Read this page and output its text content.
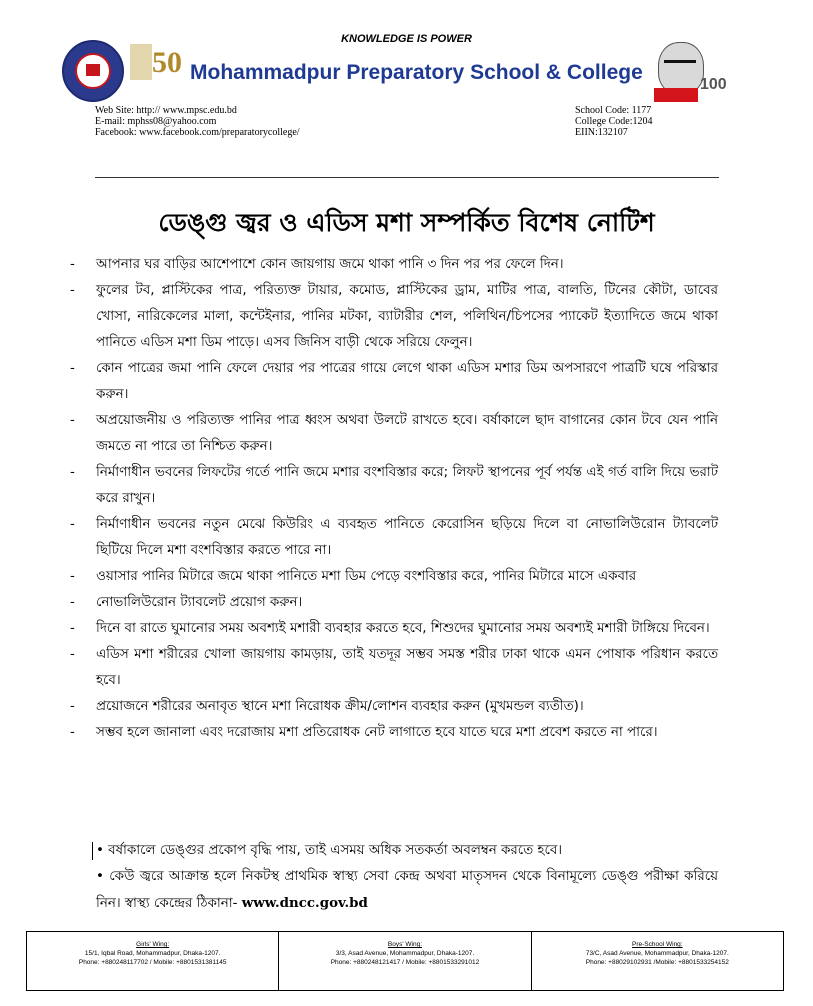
KNOWLEDGE IS POWER
50 Mohammadpur Preparatory School & College
100
Web Site: http:// www.mpsc.edu.bd
E-mail: mphss08@yahoo.com
Facebook: www.facebook.com/preparatorycollege/
School Code: 1177
College Code:1204
EIIN:132107
ডেঙ্গু জ্বর ও এডিস মশা সম্পর্কিত বিশেষ নোটিশ
- আপনার ঘর বাড়ির আশেপাশে কোন জায়গায় জমে থাকা পানি ৩ দিন পর পর ফেলে দিন।
- ফুলের টব, প্লাস্টিকের পাত্র, পরিত্যক্ত টায়ার, কমোড, প্লাস্টিকের ড্রাম, মাটির পাত্র, বালতি, টিনের কৌটা, ডাবের খোসা, নারিকেলের মালা, কন্টেইনার, পানির মটকা, ব্যাটারীর শেল, পলিথিন/চিপসের প্যাকেট ইত্যাদিতে জমে থাকা পানিতে এডিস মশা ডিম পাড়ে। এসব জিনিস বাড়ী থেকে সরিয়ে ফেলুন।
- কোন পাত্রের জমা পানি ফেলে দেয়ার পর পাত্রের গায়ে লেগে থাকা এডিস মশার ডিম অপসারণে পাত্রটি ঘষে পরিস্কার করুন।
- অপ্রয়োজনীয় ও পরিত্যক্ত পানির পাত্র ধ্বংস অথবা উলটে রাখতে হবে। বর্ষাকালে ছাদ বাগানের কোন টবে যেন পানি জমতে না পারে তা নিশ্চিত করুন।
- নির্মাণাধীন ভবনের লিফটের গর্তে পানি জমে মশার বংশবিস্তার করে; লিফট স্থাপনের পূর্ব পর্যন্ত এই গর্ত বালি দিয়ে ভরাট করে রাখুন।
- নির্মাণাধীন ভবনের নতুন মেঝে কিউরিং এ ব্যবহৃত পানিতে কেরোসিন ছড়িয়ে দিলে বা নোভালিউরোন ট্যাবলেট ছিটিয়ে দিলে মশা বংশবিস্তার করতে পারে না।
- ওয়াসার পানির মিটারে জমে থাকা পানিতে মশা ডিম পেড়ে বংশবিস্তার করে, পানির মিটারে মাসে একবার
- নোভালিউরোন ট্যাবলেট প্রয়োগ করুন।
- দিনে বা রাতে ঘুমানোর সময় অবশ্যই মশারী ব্যবহার করতে হবে, শিশুদের ঘুমানোর সময় অবশ্যই মশারী টাঙ্গিয়ে দিবেন।
- এডিস মশা শরীরের খোলা জায়গায় কামড়ায়, তাই যতদূর সম্ভব সমস্ত শরীর ঢাকা থাকে এমন পোষাক পরিধান করতে হবে।
- প্রয়োজনে শরীরের অনাবৃত স্থানে মশা নিরোধক ক্রীম/লোশন ব্যবহার করুন (মুখমন্ডল ব্যতীত)।
- সম্ভব হলে জানালা এবং দরোজায় মশা প্রতিরোধক নেট লাগাতে হবে যাতে ঘরে মশা প্রবেশ করতে না পারে।
• বর্ষাকালে ডেঙ্গুর প্রকোপ বৃদ্ধি পায়, তাই এসময় অধিক সতকর্তা অবলম্বন করতে হবে।
• কেউ জ্বরে আক্রান্ত হলে নিকটস্থ প্রাথমিক স্বাস্থ্য সেবা কেন্দ্র অথবা মাতৃসদন থেকে বিনামূল্যে ডেঙ্গু পরীক্ষা করিয়ে নিন। স্বাস্থ্য কেন্দ্রের ঠিকানা- www.dncc.gov.bd
Girls' Wing:
15/1, Iqbal Road, Mohammadpur, Dhaka-1207.
Phone: +880248117702 / Mobile: +8801531381145
Boys' Wing:
3/3, Asad Avenue, Mohammadpur, Dhaka-1207.
Phone: +880248121417 / Mobile: +8801533291012
Pre-School Wing:
73/C, Asad Avenue, Mohammadpur, Dhaka-1207.
Phone: +88029102931 /Mobile: +8801533254152
